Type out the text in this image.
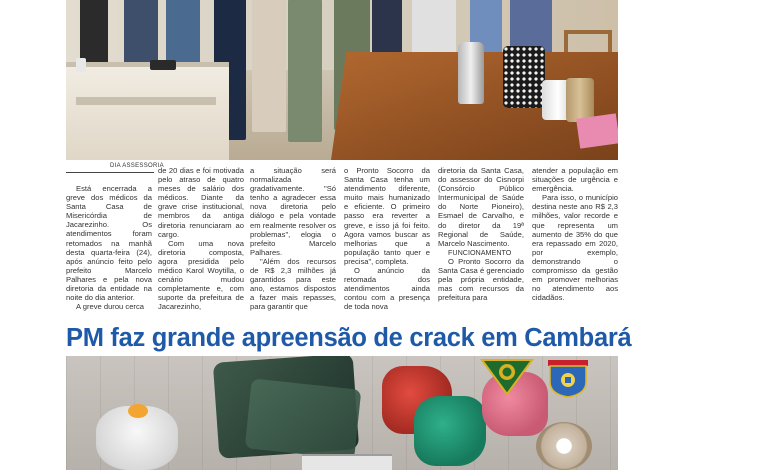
DIA ASSESSORIA

Está encerrada a greve dos médicos da Santa Casa de Misericórdia de Jacarezinho. Os atendimentos foram retomados na manhã desta quarta-feira (24), após anúncio feito pelo prefeito Marcelo Palhares e pela nova diretoria da entidade na noite do dia anterior.

A greve durou cerca

de 20 dias e foi motivada pelo atraso de quatro meses de salário dos médicos. Diante da grave crise institucional, membros da antiga diretoria renunciaram ao cargo.

Com uma nova diretoria composta, agora presidida pelo médico Karol Woytilla, o cenário mudou completamente e, com suporte da prefeitura de Jacarezinho,

a situação será normalizada gradativamente. "Só tenho a agradecer essa nova diretoria pelo diálogo e pela vontade em realmente resolver os problemas", elogia o prefeito Marcelo Palhares.

"Além dos recursos de R$ 2,3 milhões já garantidos para este ano, estamos dispostos a fazer mais repasses, para garantir que

o Pronto Socorro da Santa Casa tenha um atendimento diferente, muito mais humanizado e eficiente. O primeiro passo era reverter a greve, e isso já foi feito. Agora vamos buscar as melhorias que a população tanto quer e precisa", completa.

O anúncio da retomada dos atendimentos ainda contou com a presença de toda nova

diretoria da Santa Casa, do assessor do Cisnorpi (Consórcio Público Intermunicipal de Saúde do Norte Pioneiro), Esmael de Carvalho, e do diretor da 19ª Regional de Saúde, Marcelo Nascimento.

FUNCIONAMENTO

O Pronto Socorro da Santa Casa é gerenciado pela própria entidade, mas com recursos da prefeitura para

atender a população em situações de urgência e emergência.

Para isso, o município destina neste ano R$ 2,3 milhões, valor recorde e que representa um aumento de 35% do que era repassado em 2020, por exemplo, demonstrando o compromisso da gestão em promover melhorias no atendimento aos cidadãos.

PM faz grande apreensão de crack em Cambará
